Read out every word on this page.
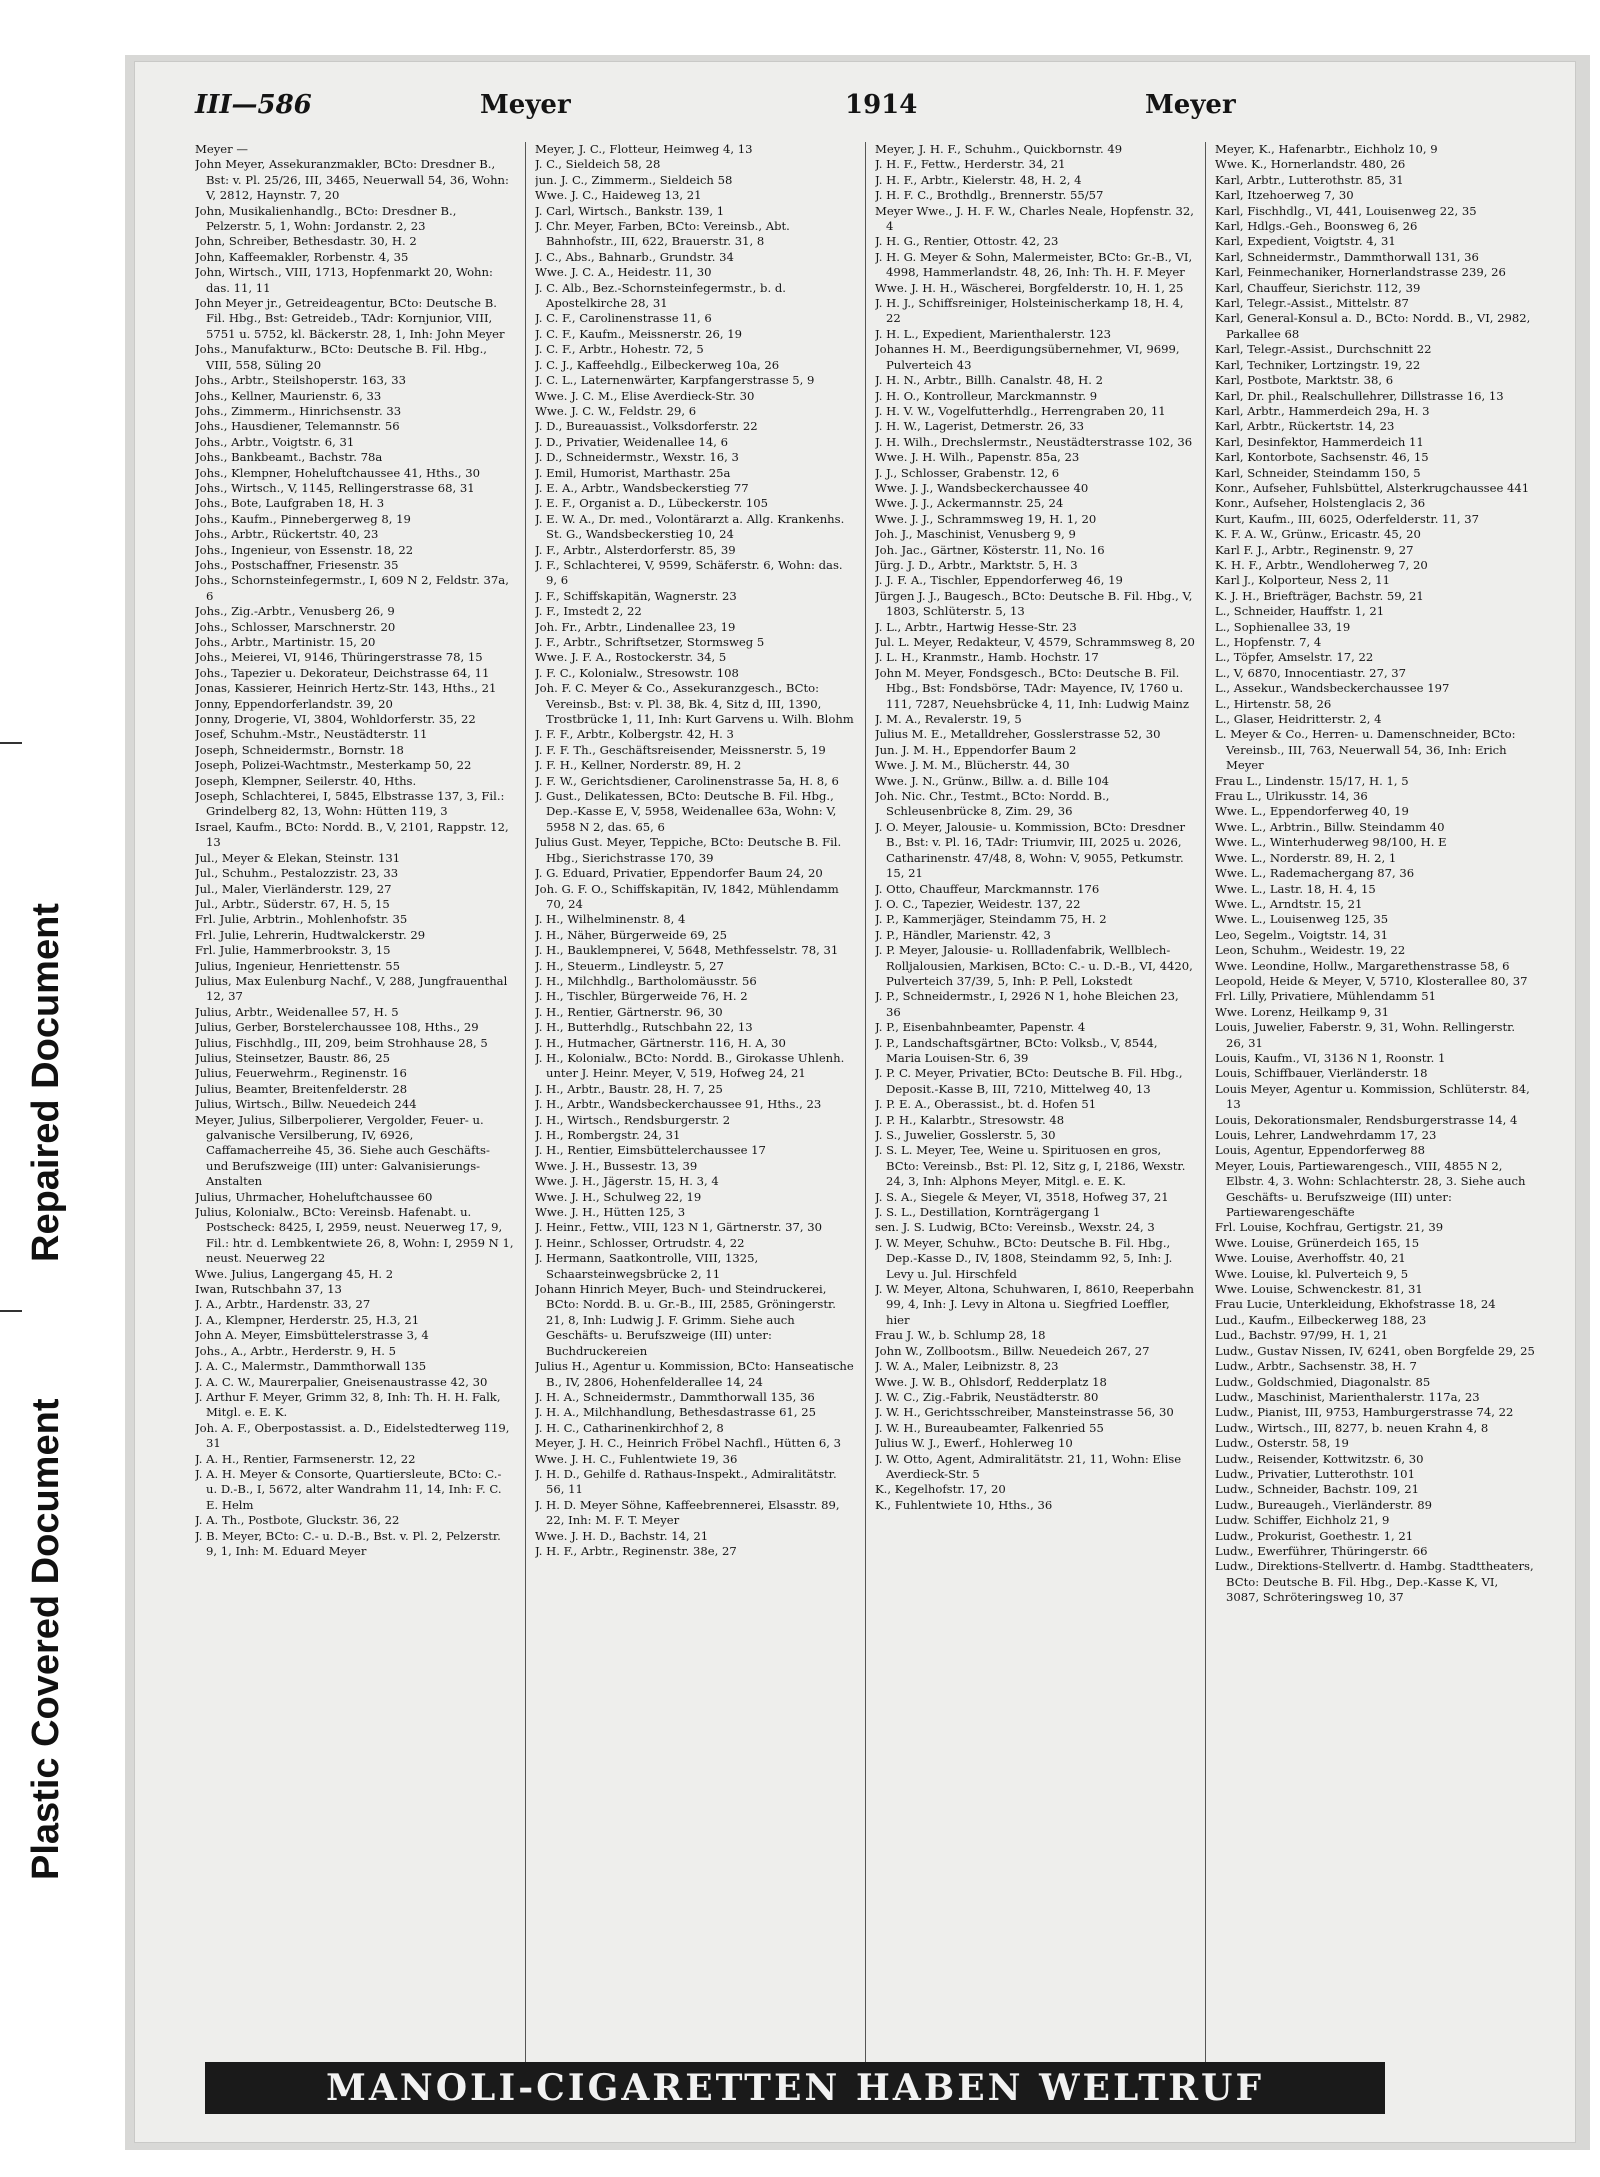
Plastic Covered Document
Repaired Document
III—586	Meyer	1914	Meyer

Meyer —

John Meyer, Assekuranzmakler, BCto: Dresdner B., Bst: v. Pl. 25/26, III, 3465, Neuerwall 54, 36, Wohn: V, 2812, Haynstr. 7, 20

John, Musikalienhandlg., BCto: Dresdner B., Pelzerstr. 5, 1, Wohn: Jordanstr. 2, 23

John, Schreiber, Bethesdastr. 30, H. 2

John, Kaffeemakler, Rorbenstr. 4, 35

John, Wirtsch., VIII, 1713, Hopfenmarkt 20, Wohn: das. 11, 11

John Meyer jr., Getreideagentur, BCto: Deutsche B. Fil. Hbg., Bst: Getreideb., TAdr: Kornjunior, VIII, 5751 u. 5752, kl. Bäckerstr. 28, 1, Inh: John Meyer

Johs., Manufakturw., BCto: Deutsche B. Fil. Hbg., VIII, 558, Süling 20

Johs., Arbtr., Steilshoperstr. 163, 33

Johs., Kellner, Maurienstr. 6, 33

Johs., Zimmerm., Hinrichsenstr. 33

Johs., Hausdiener, Telemannstr. 56

Johs., Arbtr., Voigtstr. 6, 31

Johs., Bankbeamt., Bachstr. 78a

Johs., Klempner, Hoheluftchaussee 41, Hths., 30

Johs., Wirtsch., V, 1145, Rellingerstrasse 68, 31

Johs., Bote, Laufgraben 18, H. 3

Johs., Kaufm., Pinnebergerweg 8, 19

Johs., Arbtr., Rückertstr. 40, 23

Johs., Ingenieur, von Essenstr. 18, 22

Johs., Postschaffner, Friesenstr. 35

Johs., Schornsteinfegermstr., I, 609 N 2, Feldstr. 37a, 6

Johs., Zig.-Arbtr., Venusberg 26, 9

Johs., Schlosser, Marschnerstr. 20

Johs., Arbtr., Martinistr. 15, 20

Johs., Meierei, VI, 9146, Thüringerstrasse 78, 15

Johs., Tapezier u. Dekorateur, Deichstrasse 64, 11

Jonas, Kassierer, Heinrich Hertz-Str. 143, Hths., 21

Jonny, Eppendorferlandstr. 39, 20

Jonny, Drogerie, VI, 3804, Wohldorferstr. 35, 22

Josef, Schuhm.-Mstr., Neustädterstr. 11

Joseph, Schneidermstr., Bornstr. 18

Joseph, Polizei-Wachtmstr., Mesterkamp 50, 22

Joseph, Klempner, Seilerstr. 40, Hths.

Joseph, Schlachterei, I, 5845, Elbstrasse 137, 3, Fil.: Grindelberg 82, 13, Wohn: Hütten 119, 3

Israel, Kaufm., BCto: Nordd. B., V, 2101, Rappstr. 12, 13

Jul., Meyer & Elekan, Steinstr. 131

Jul., Schuhm., Pestalozzistr. 23, 33

Jul., Maler, Vierländerstr. 129, 27

Jul., Arbtr., Süderstr. 67, H. 5, 15

Frl. Julie, Arbtrin., Mohlenhofstr. 35

Frl. Julie, Lehrerin, Hudtwalckerstr. 29

Frl. Julie, Hammerbrookstr. 3, 15

Julius, Ingenieur, Henriettenstr. 55

Julius, Max Eulenburg Nachf., V, 288, Jungfrauenthal 12, 37

Julius, Arbtr., Weidenallee 57, H. 5

Julius, Gerber, Borstelerchaussee 108, Hths., 29

Julius, Fischhdlg., III, 209, beim Strohhause 28, 5

Julius, Steinsetzer, Baustr. 86, 25

Julius, Feuerwehrm., Reginenstr. 16

Julius, Beamter, Breitenfelderstr. 28

Julius, Wirtsch., Billw. Neuedeich 244

Meyer, Julius, Silberpolierer, Vergolder, Feuer- u. galvanische Versilberung, IV, 6926, Caffamacherreihe 45, 36. Siehe auch Geschäfts- und Berufszweige (III) unter: Galvanisierungs-Anstalten

Julius, Uhrmacher, Hoheluftchaussee 60

Julius, Kolonialw., BCto: Vereinsb. Hafenabt. u. Postscheck: 8425, I, 2959, neust. Neuerweg 17, 9, Fil.: htr. d. Lembkentwiete 26, 8, Wohn: I, 2959 N 1, neust. Neuerweg 22

Wwe. Julius, Langergang 45, H. 2

Iwan, Rutschbahn 37, 13

J. A., Arbtr., Hardenstr. 33, 27

J. A., Klempner, Herderstr. 25, H.3, 21

John A. Meyer, Eimsbüttelerstrasse 3, 4

Johs., A., Arbtr., Herderstr. 9, H. 5

J. A. C., Malermstr., Dammthorwall 135

J. A. C. W., Maurerpalier, Gneisenaustrasse 42, 30

J. Arthur F. Meyer, Grimm 32, 8, Inh: Th. H. H. Falk, Mitgl. e. E. K.

Joh. A. F., Oberpostassist. a. D., Eidelstedterweg 119, 31

J. A. H., Rentier, Farmsenerstr. 12, 22

J. A. H. Meyer & Consorte, Quartiersleute, BCto: C.- u. D.-B., I, 5672, alter Wandrahm 11, 14, Inh: F. C. E. Helm

J. A. Th., Postbote, Gluckstr. 36, 22

J. B. Meyer, BCto: C.- u. D.-B., Bst. v. Pl. 2, Pelzerstr. 9, 1, Inh: M. Eduard Meyer

Meyer, J. C., Flotteur, Heimweg 4, 13

J. C., Sieldeich 58, 28

jun. J. C., Zimmerm., Sieldeich 58

Wwe. J. C., Haideweg 13, 21

J. Carl, Wirtsch., Bankstr. 139, 1

J. Chr. Meyer, Farben, BCto: Vereinsb., Abt. Bahnhofstr., III, 622, Brauerstr. 31, 8

J. C., Abs., Bahnarb., Grundstr. 34

Wwe. J. C. A., Heidestr. 11, 30

J. C. Alb., Bez.-Schornsteinfegermstr., b. d. Apostelkirche 28, 31

J. C. F., Carolinenstrasse 11, 6

J. C. F., Kaufm., Meissnerstr. 26, 19

J. C. F., Arbtr., Hohestr. 72, 5

J. C. J., Kaffeehdlg., Eilbeckerweg 10a, 26

J. C. L., Laternenwärter, Karpfangerstrasse 5, 9

Wwe. J. C. M., Elise Averdieck-Str. 30

Wwe. J. C. W., Feldstr. 29, 6

J. D., Bureauassist., Volksdorferstr. 22

J. D., Privatier, Weidenallee 14, 6

J. D., Schneidermstr., Wexstr. 16, 3

J. Emil, Humorist, Marthastr. 25a

J. E. A., Arbtr., Wandsbeckerstieg 77

J. E. F., Organist a. D., Lübeckerstr. 105

J. E. W. A., Dr. med., Volontärarzt a. Allg. Krankenhs. St. G., Wandsbeckerstieg 10, 24

J. F., Arbtr., Alsterdorferstr. 85, 39

J. F., Schlachterei, V, 9599, Schäferstr. 6, Wohn: das. 9, 6

J. F., Schiffskapitän, Wagnerstr. 23

J. F., Imstedt 2, 22

Joh. Fr., Arbtr., Lindenallee 23, 19

J. F., Arbtr., Schriftsetzer, Stormsweg 5

Wwe. J. F. A., Rostockerstr. 34, 5

J. F. C., Kolonialw., Stresowstr. 108

Joh. F. C. Meyer & Co., Assekuranzgesch., BCto: Vereinsb., Bst: v. Pl. 38, Bk. 4, Sitz d, III, 1390, Trostbrücke 1, 11, Inh: Kurt Garvens u. Wilh. Blohm

J. F. F., Arbtr., Kolbergstr. 42, H. 3

J. F. F. Th., Geschäftsreisender, Meissnerstr. 5, 19

J. F. H., Kellner, Norderstr. 89, H. 2

J. F. W., Gerichtsdiener, Carolinenstrasse 5a, H. 8, 6

J. Gust., Delikatessen, BCto: Deutsche B. Fil. Hbg., Dep.-Kasse E, V, 5958, Weidenallee 63a, Wohn: V, 5958 N 2, das. 65, 6

Julius Gust. Meyer, Teppiche, BCto: Deutsche B. Fil. Hbg., Sierichstrasse 170, 39

J. G. Eduard, Privatier, Eppendorfer Baum 24, 20

Joh. G. F. O., Schiffskapitän, IV, 1842, Mühlendamm 70, 24

J. H., Wilhelminenstr. 8, 4

J. H., Näher, Bürgerweide 69, 25

J. H., Bauklempnerei, V, 5648, Methfesselstr. 78, 31

J. H., Steuerm., Lindleystr. 5, 27

J. H., Milchhdlg., Bartholomäusstr. 56

J. H., Tischler, Bürgerweide 76, H. 2

J. H., Rentier, Gärtnerstr. 96, 30

J. H., Butterhdlg., Rutschbahn 22, 13

J. H., Hutmacher, Gärtnerstr. 116, H. A, 30

J. H., Kolonialw., BCto: Nordd. B., Girokasse Uhlenh. unter J. Heinr. Meyer, V, 519, Hofweg 24, 21

J. H., Arbtr., Baustr. 28, H. 7, 25

J. H., Arbtr., Wandsbeckerchaussee 91, Hths., 23

J. H., Wirtsch., Rendsburgerstr. 2

J. H., Rombergstr. 24, 31

J. H., Rentier, Eimsbüttelerchaussee 17

Wwe. J. H., Bussestr. 13, 39

Wwe. J. H., Jägerstr. 15, H. 3, 4

Wwe. J. H., Schulweg 22, 19

Wwe. J. H., Hütten 125, 3

J. Heinr., Fettw., VIII, 123 N 1, Gärtnerstr. 37, 30

J. Heinr., Schlosser, Ortrudstr. 4, 22

J. Hermann, Saatkontrolle, VIII, 1325, Schaarsteinwegsbrücke 2, 11

Johann Hinrich Meyer, Buch- und Steindruckerei, BCto: Nordd. B. u. Gr.-B., III, 2585, Gröningerstr. 21, 8, Inh: Ludwig J. F. Grimm. Siehe auch Geschäfts- u. Berufszweige (III) unter: Buchdruckereien

Julius H., Agentur u. Kommission, BCto: Hanseatische B., IV, 2806, Hohenfelderallee 14, 24

J. H. A., Schneidermstr., Dammthorwall 135, 36

J. H. A., Milchhandlung, Bethesdastrasse 61, 25

J. H. C., Catharinenkirchhof 2, 8

Meyer, J. H. C., Heinrich Fröbel Nachfl., Hütten 6, 3

Wwe. J. H. C., Fuhlentwiete 19, 36

J. H. D., Gehilfe d. Rathaus-Inspekt., Admiralitätstr. 56, 11

J. H. D. Meyer Söhne, Kaffeebrennerei, Elsasstr. 89, 22, Inh: M. F. T. Meyer

Wwe. J. H. D., Bachstr. 14, 21

J. H. F., Arbtr., Reginenstr. 38e, 27

Meyer, J. H. F., Schuhm., Quickbornstr. 49

J. H. F., Fettw., Herderstr. 34, 21

J. H. F., Arbtr., Kielerstr. 48, H. 2, 4

J. H. F. C., Brothdlg., Brennerstr. 55/57

Meyer Wwe., J. H. F. W., Charles Neale, Hopfenstr. 32, 4

J. H. G., Rentier, Ottostr. 42, 23

J. H. G. Meyer & Sohn, Malermeister, BCto: Gr.-B., VI, 4998, Hammerlandstr. 48, 26, Inh: Th. H. F. Meyer

Wwe. J. H. H., Wäscherei, Borgfelderstr. 10, H. 1, 25

J. H. J., Schiffsreiniger, Holsteinischerkamp 18, H. 4, 22

J. H. L., Expedient, Marienthalerstr. 123

Johannes H. M., Beerdigungsübernehmer, VI, 9699, Pulverteich 43

J. H. N., Arbtr., Billh. Canalstr. 48, H. 2

J. H. O., Kontrolleur, Marckmannstr. 9

J. H. V. W., Vogelfutterhdlg., Herrengraben 20, 11

J. H. W., Lagerist, Detmerstr. 26, 33

J. H. Wilh., Drechslermstr., Neustädterstrasse 102, 36

Wwe. J. H. Wilh., Papenstr. 85a, 23

J. J., Schlosser, Grabenstr. 12, 6

Wwe. J. J., Wandsbeckerchaussee 40

Wwe. J. J., Ackermannstr. 25, 24

Wwe. J. J., Schrammsweg 19, H. 1, 20

Joh. J., Maschinist, Venusberg 9, 9

Joh. Jac., Gärtner, Kösterstr. 11, No. 16

Jürg. J. D., Arbtr., Marktstr. 5, H. 3

J. J. F. A., Tischler, Eppendorferweg 46, 19

Jürgen J. J., Baugesch., BCto: Deutsche B. Fil. Hbg., V, 1803, Schlüterstr. 5, 13

J. L., Arbtr., Hartwig Hesse-Str. 23

Jul. L. Meyer, Redakteur, V, 4579, Schrammsweg 8, 20

J. L. H., Kranmstr., Hamb. Hochstr. 17

John M. Meyer, Fondsgesch., BCto: Deutsche B. Fil. Hbg., Bst: Fondsbörse, TAdr: Mayence, IV, 1760 u. 111, 7287, Neuehsbrücke 4, 11, Inh: Ludwig Mainz

J. M. A., Revalerstr. 19, 5

Julius M. E., Metalldreher, Gosslerstrasse 52, 30

Jun. J. M. H., Eppendorfer Baum 2

Wwe. J. M. M., Blücherstr. 44, 30

Wwe. J. N., Grünw., Billw. a. d. Bille 104

Joh. Nic. Chr., Testmt., BCto: Nordd. B., Schleusenbrücke 8, Zim. 29, 36

J. O. Meyer, Jalousie- u. Kommission, BCto: Dresdner B., Bst: v. Pl. 16, TAdr: Triumvir, III, 2025 u. 2026, Catharinenstr. 47/48, 8, Wohn: V, 9055, Petkumstr. 15, 21

J. Otto, Chauffeur, Marckmannstr. 176

J. O. C., Tapezier, Weidestr. 137, 22

J. P., Kammerjäger, Steindamm 75, H. 2

J. P., Händler, Marienstr. 42, 3

J. P. Meyer, Jalousie- u. Rollladenfabrik, Wellblech-Rolljalousien, Markisen, BCto: C.- u. D.-B., VI, 4420, Pulverteich 37/39, 5, Inh: P. Pell, Lokstedt

J. P., Schneidermstr., I, 2926 N 1, hohe Bleichen 23, 36

J. P., Eisenbahnbeamter, Papenstr. 4

J. P., Landschaftsgärtner, BCto: Volksb., V, 8544, Maria Louisen-Str. 6, 39

J. P. C. Meyer, Privatier, BCto: Deutsche B. Fil. Hbg., Deposit.-Kasse B, III, 7210, Mittelweg 40, 13

J. P. E. A., Oberassist., bt. d. Hofen 51

J. P. H., Kalarbtr., Stresowstr. 48

J. S., Juwelier, Gosslerstr. 5, 30

J. S. L. Meyer, Tee, Weine u. Spirituosen en gros, BCto: Vereinsb., Bst: Pl. 12, Sitz g, I, 2186, Wexstr. 24, 3, Inh: Alphons Meyer, Mitgl. e. E. K.

J. S. A., Siegele & Meyer, VI, 3518, Hofweg 37, 21

J. S. L., Destillation, Kornträgergang 1

sen. J. S. Ludwig, BCto: Vereinsb., Wexstr. 24, 3

J. W. Meyer, Schuhw., BCto: Deutsche B. Fil. Hbg., Dep.-Kasse D., IV, 1808, Steindamm 92, 5, Inh: J. Levy u. Jul. Hirschfeld

J. W. Meyer, Altona, Schuhwaren, I, 8610, Reeperbahn 99, 4, Inh: J. Levy in Altona u. Siegfried Loeffler, hier

Frau J. W., b. Schlump 28, 18

John W., Zollbootsm., Billw. Neuedeich 267, 27

J. W. A., Maler, Leibnizstr. 8, 23

Wwe. J. W. B., Ohlsdorf, Redderplatz 18

J. W. C., Zig.-Fabrik, Neustädterstr. 80

J. W. H., Gerichtsschreiber, Mansteinstrasse 56, 30

J. W. H., Bureaubeamter, Falkenried 55

Julius W. J., Ewerf., Hohlerweg 10

J. W. Otto, Agent, Admiralitätstr. 21, 11, Wohn: Elise Averdieck-Str. 5

K., Kegelhofstr. 17, 20

K., Fuhlentwiete 10, Hths., 36

Meyer, K., Hafenarbtr., Eichholz 10, 9

Wwe. K., Hornerlandstr. 480, 26

Karl, Arbtr., Lutterothstr. 85, 31

Karl, Itzehoerweg 7, 30

Karl, Fischhdlg., VI, 441, Louisenweg 22, 35

Karl, Hdlgs.-Geh., Boonsweg 6, 26

Karl, Expedient, Voigtstr. 4, 31

Karl, Schneidermstr., Dammthorwall 131, 36

Karl, Feinmechaniker, Hornerlandstrasse 239, 26

Karl, Chauffeur, Sierichstr. 112, 39

Karl, Telegr.-Assist., Mittelstr. 87

Karl, General-Konsul a. D., BCto: Nordd. B., VI, 2982, Parkallee 68

Karl, Telegr.-Assist., Durchschnitt 22

Karl, Techniker, Lortzingstr. 19, 22

Karl, Postbote, Marktstr. 38, 6

Karl, Dr. phil., Realschullehrer, Dillstrasse 16, 13

Karl, Arbtr., Hammerdeich 29a, H. 3

Karl, Arbtr., Rückertstr. 14, 23

Karl, Desinfektor, Hammerdeich 11

Karl, Kontorbote, Sachsenstr. 46, 15

Karl, Schneider, Steindamm 150, 5

Konr., Aufseher, Fuhlsbüttel, Alsterkrugchaussee 441

Konr., Aufseher, Holstenglacis 2, 36

Kurt, Kaufm., III, 6025, Oderfelderstr. 11, 37

K. F. A. W., Grünw., Ericastr. 45, 20

Karl F. J., Arbtr., Reginenstr. 9, 27

K. H. F., Arbtr., Wendloherweg 7, 20

Karl J., Kolporteur, Ness 2, 11

K. J. H., Briefträger, Bachstr. 59, 21

L., Schneider, Hauffstr. 1, 21

L., Sophienallee 33, 19

L., Hopfenstr. 7, 4

L., Töpfer, Amselstr. 17, 22

L., V, 6870, Innocentiastr. 27, 37

L., Assekur., Wandsbeckerchaussee 197

L., Hirtenstr. 58, 26

L., Glaser, Heidritterstr. 2, 4

L. Meyer & Co., Herren- u. Damenschneider, BCto: Vereinsb., III, 763, Neuerwall 54, 36, Inh: Erich Meyer

Frau L., Lindenstr. 15/17, H. 1, 5

Frau L., Ulrikusstr. 14, 36

Wwe. L., Eppendorferweg 40, 19

Wwe. L., Arbtrin., Billw. Steindamm 40

Wwe. L., Winterhuderweg 98/100, H. E

Wwe. L., Norderstr. 89, H. 2, 1

Wwe. L., Rademachergang 87, 36

Wwe. L., Lastr. 18, H. 4, 15

Wwe. L., Arndtstr. 15, 21

Wwe. L., Louisenweg 125, 35

Leo, Segelm., Voigtstr. 14, 31

Leon, Schuhm., Weidestr. 19, 22

Wwe. Leondine, Hollw., Margarethenstrasse 58, 6

Leopold, Heide & Meyer, V, 5710, Klosterallee 80, 37

Frl. Lilly, Privatiere, Mühlendamm 51

Wwe. Lorenz, Heilkamp 9, 31

Louis, Juwelier, Faberstr. 9, 31, Wohn. Rellingerstr. 26, 31

Louis, Kaufm., VI, 3136 N 1, Roonstr. 1

Louis, Schiffbauer, Vierländerstr. 18

Louis Meyer, Agentur u. Kommission, Schlüterstr. 84, 13

Louis, Dekorationsmaler, Rendsburgerstrasse 14, 4

Louis, Lehrer, Landwehrdamm 17, 23

Louis, Agentur, Eppendorferweg 88

Meyer, Louis, Partiewarengesch., VIII, 4855 N 2, Elbstr. 4, 3. Wohn: Schlachterstr. 28, 3. Siehe auch Geschäfts- u. Berufszweige (III) unter: Partiewarengeschäfte

Frl. Louise, Kochfrau, Gertigstr. 21, 39

Wwe. Louise, Grünerdeich 165, 15

Wwe. Louise, Averhoffstr. 40, 21

Wwe. Louise, kl. Pulverteich 9, 5

Wwe. Louise, Schwenckestr. 81, 31

Frau Lucie, Unterkleidung, Ekhofstrasse 18, 24

Lud., Kaufm., Eilbeckerweg 188, 23

Lud., Bachstr. 97/99, H. 1, 21

Ludw., Gustav Nissen, IV, 6241, oben Borgfelde 29, 25

Ludw., Arbtr., Sachsenstr. 38, H. 7

Ludw., Goldschmied, Diagonalstr. 85

Ludw., Maschinist, Marienthalerstr. 117a, 23

Ludw., Pianist, III, 9753, Hamburgerstrasse 74, 22

Ludw., Wirtsch., III, 8277, b. neuen Krahn 4, 8

Ludw., Osterstr. 58, 19

Ludw., Reisender, Kottwitzstr. 6, 30

Ludw., Privatier, Lutterothstr. 101

Ludw., Schneider, Bachstr. 109, 21

Ludw., Bureaugeh., Vierländerstr. 89

Ludw. Schiffer, Eichholz 21, 9

Ludw., Prokurist, Goethestr. 1, 21

Ludw., Ewerführer, Thüringerstr. 66

Ludw., Direktions-Stellvertr. d. Hambg. Stadttheaters, BCto: Deutsche B. Fil. Hbg., Dep.-Kasse K, VI, 3087, Schröteringsweg 10, 37

MANOLI-CIGARETTEN HABEN WELTRUF
